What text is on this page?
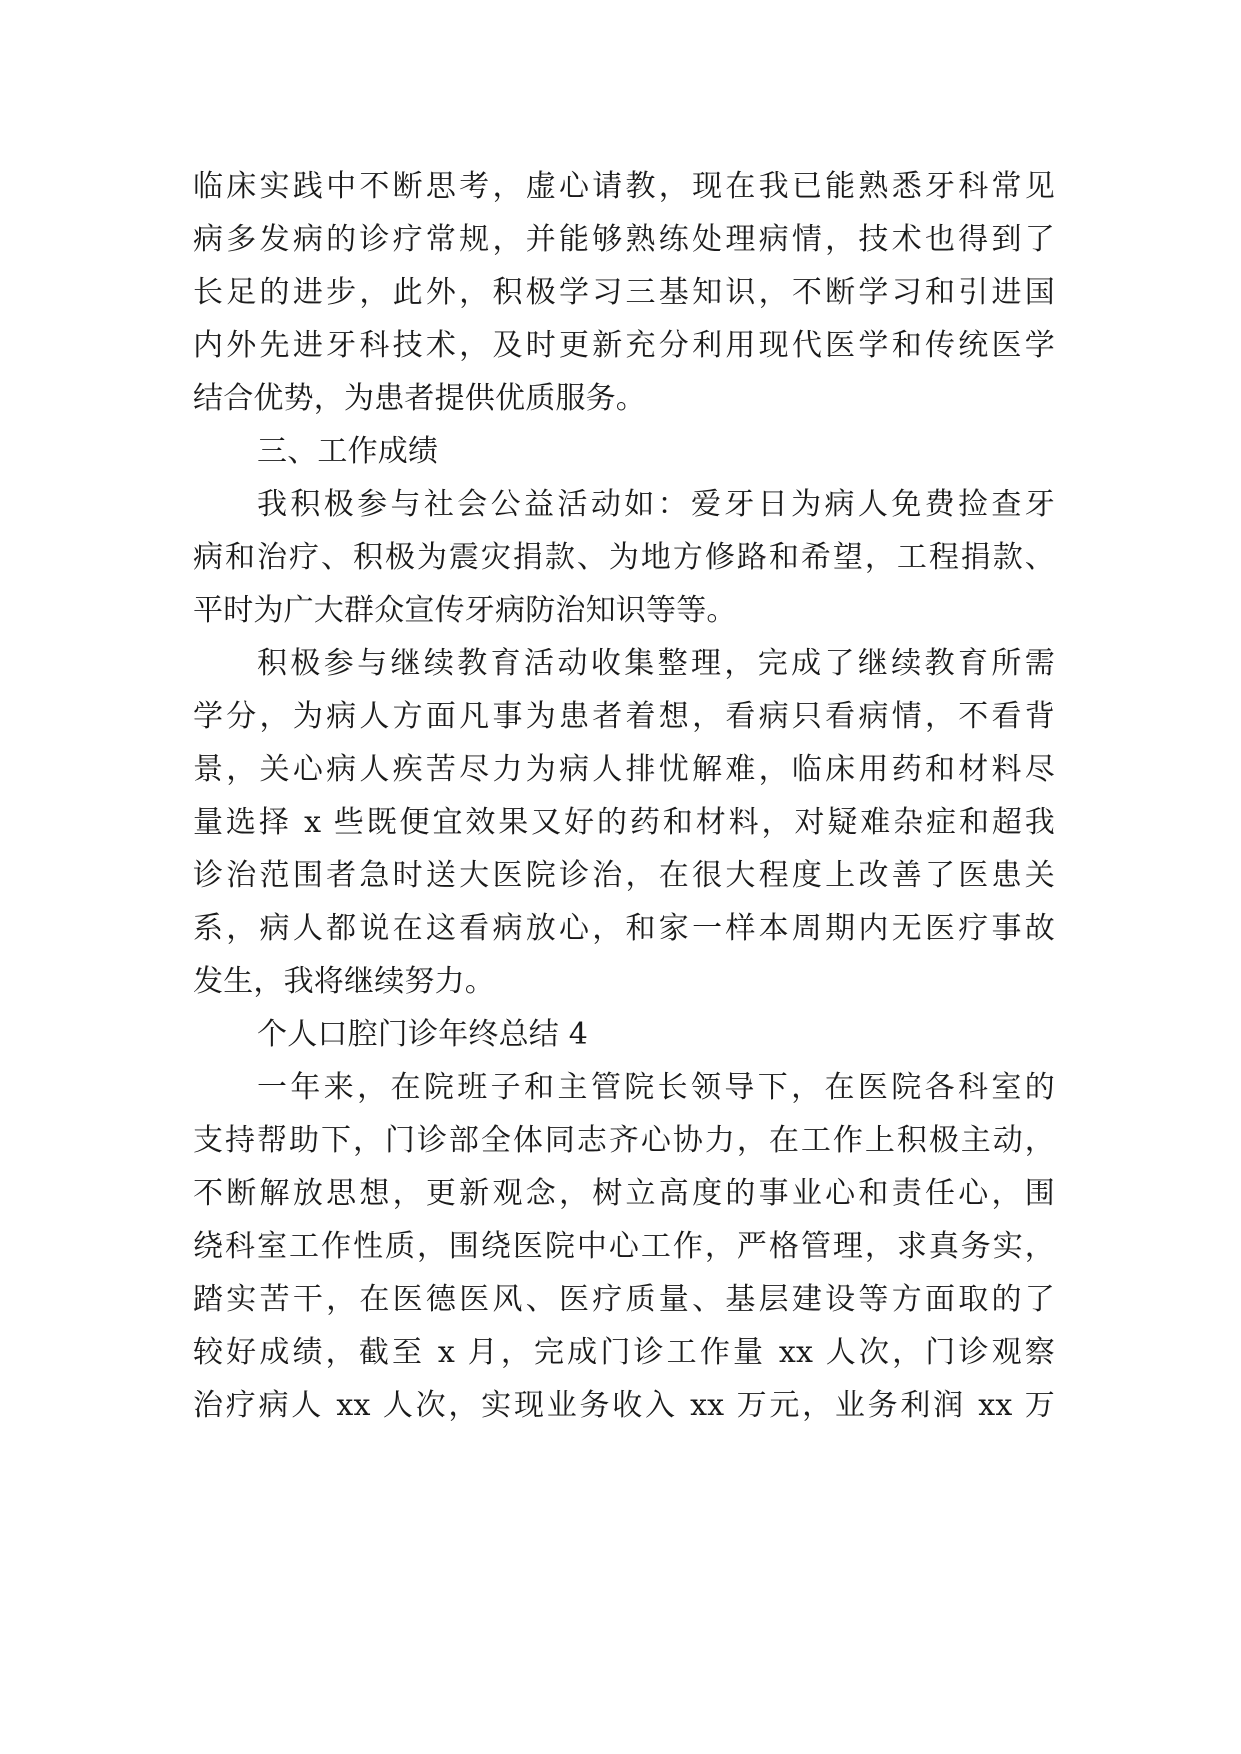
临床实践中不断思考，虚心请教，现在我已能熟悉牙科常见
病多发病的诊疗常规，并能够熟练处理病情，技术也得到了
长足的进步，此外，积极学习三基知识，不断学习和引进国
内外先进牙科技术，及时更新充分利用现代医学和传统医学
结合优势，为患者提供优质服务。
三、工作成绩
我积极参与社会公益活动如：爱牙日为病人免费捡查牙
病和治疗、积极为震灾捐款、为地方修路和希望，工程捐款、
平时为广大群众宣传牙病防治知识等等。
积极参与继续教育活动收集整理，完成了继续教育所需
学分，为病人方面凡事为患者着想，看病只看病情，不看背
景，关心病人疾苦尽力为病人排忧解难，临床用药和材料尽
量选择 x 些既便宜效果又好的药和材料，对疑难杂症和超我
诊治范围者急时送大医院诊治，在很大程度上改善了医患关
系，病人都说在这看病放心，和家一样本周期内无医疗事故
发生，我将继续努力。
个人口腔门诊年终总结 4
一年来，在院班子和主管院长领导下，在医院各科室的
支持帮助下，门诊部全体同志齐心协力，在工作上积极主动，
不断解放思想，更新观念，树立高度的事业心和责任心，围
绕科室工作性质，围绕医院中心工作，严格管理，求真务实，
踏实苦干，在医德医风、医疗质量、基层建设等方面取的了
较好成绩，截至 x 月，完成门诊工作量 xx 人次，门诊观察
治疗病人 xx 人次，实现业务收入 xx 万元，业务利润 xx 万
